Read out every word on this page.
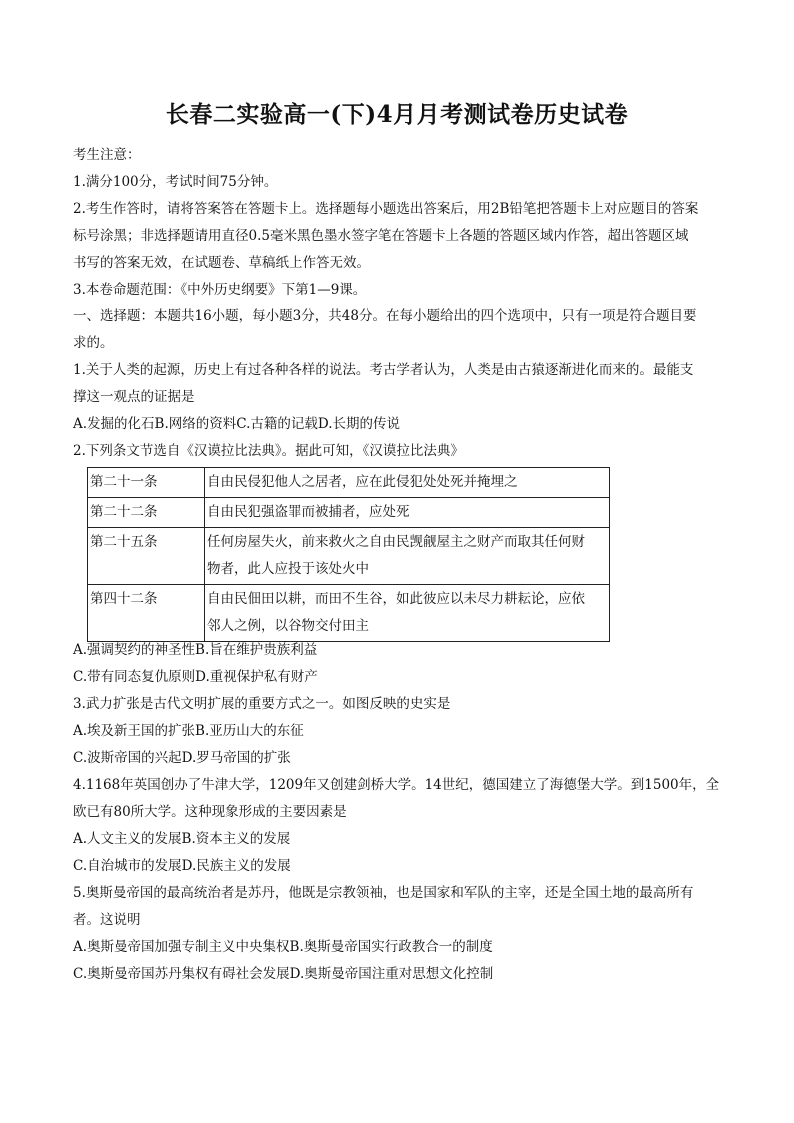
长春二实验高一(下)4月月考测试卷历史试卷
考生注意：
1.满分100分，考试时间75分钟。
2.考生作答时，请将答案答在答题卡上。选择题每小题选出答案后，用2B铅笔把答题卡上对应题目的答案
标号涂黑；非选择题请用直径0.5毫米黑色墨水签字笔在答题卡上各题的答题区域内作答，超出答题区域
书写的答案无效，在试题卷、草稿纸上作答无效。
3.本卷命题范围：《中外历史纲要》下第1—9课。
一、选择题：本题共16小题，每小题3分，共48分。在每小题给出的四个选项中，只有一项是符合题目要
求的。
1.关于人类的起源，历史上有过各种各样的说法。考古学者认为，人类是由古猿逐渐进化而来的。最能支
撑这一观点的证据是
A.发掘的化石B.网络的资料C.古籍的记载D.长期的传说
2.下列条文节选自《汉谟拉比法典》。据此可知，《汉谟拉比法典》
第二十一条	自由民侵犯他人之居者，应在此侵犯处处死并掩埋之
第二十二条	自由民犯强盗罪而被捕者，应处死
第二十五条	任何房屋失火，前来救火之自由民觊觎屋主之财产而取其任何财
物者，此人应投于该处火中

第四十二条	自由民佃田以耕，而田不生谷，如此彼应以未尽力耕耘论，应依
邻人之例，以谷物交付田主
A.强调契约的神圣性B.旨在维护贵族利益
C.带有同态复仇原则D.重视保护私有财产
3.武力扩张是古代文明扩展的重要方式之一。如图反映的史实是
A.埃及新王国的扩张B.亚历山大的东征
C.波斯帝国的兴起D.罗马帝国的扩张
4.1168年英国创办了牛津大学，1209年又创建剑桥大学。14世纪，德国建立了海德堡大学。到1500年，全
欧已有80所大学。这种现象形成的主要因素是
A.人文主义的发展B.资本主义的发展
C.自治城市的发展D.民族主义的发展
5.奥斯曼帝国的最高统治者是苏丹，他既是宗教领袖，也是国家和军队的主宰，还是全国土地的最高所有
者。这说明
A.奥斯曼帝国加强专制主义中央集权B.奥斯曼帝国实行政教合一的制度
C.奥斯曼帝国苏丹集权有碍社会发展D.奥斯曼帝国注重对思想文化控制
